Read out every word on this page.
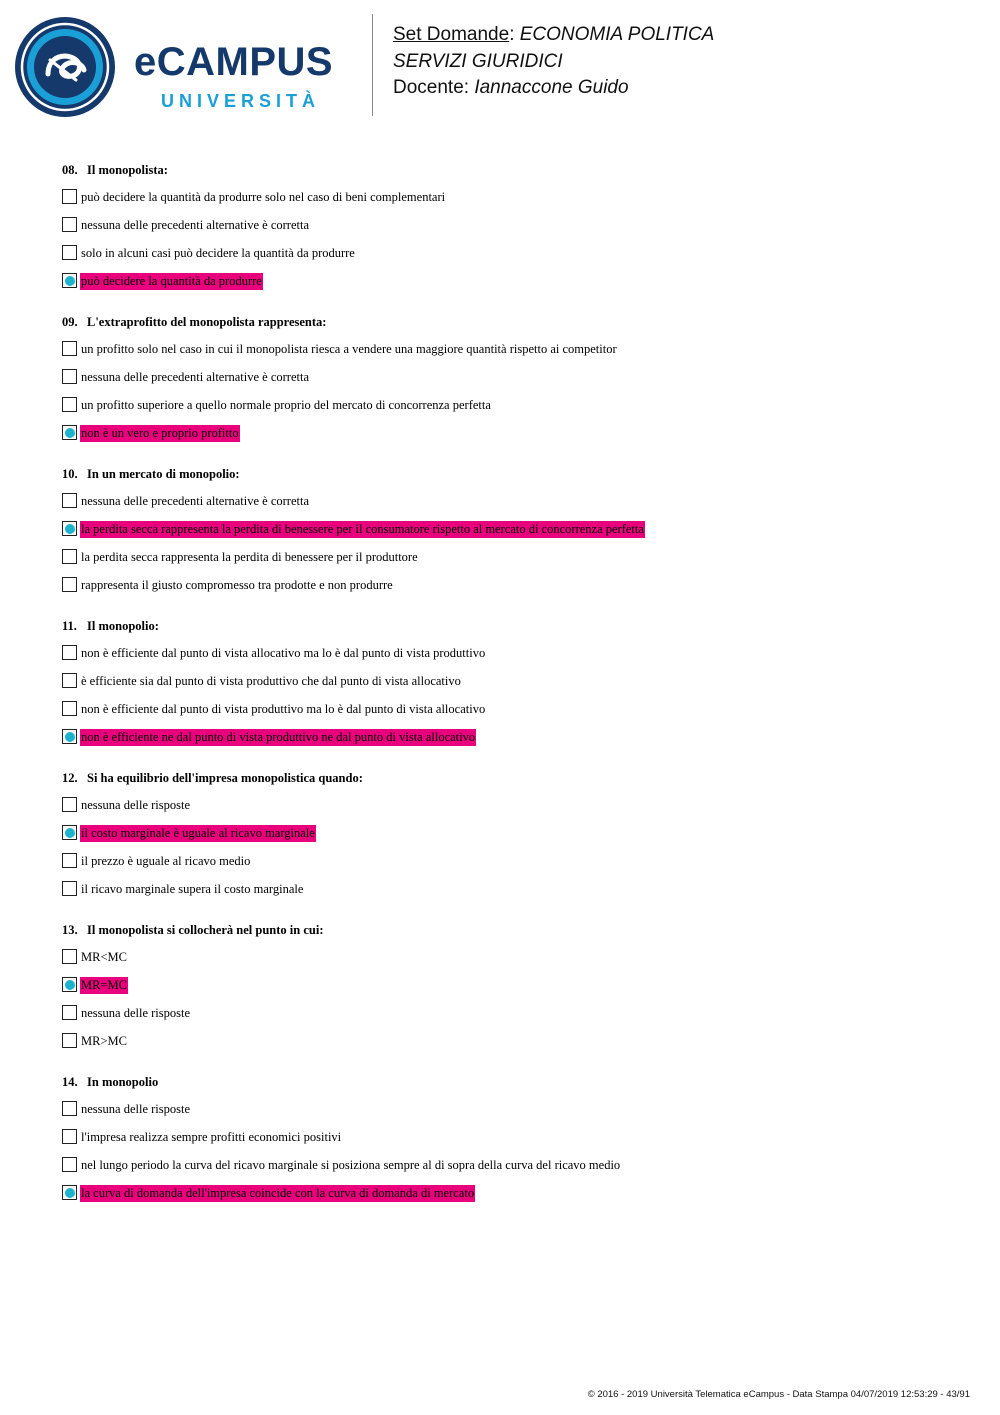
eCAMPUS
UNIVERSITÀ
Set Domande: ECONOMIA POLITICA
SERVIZI GIURIDICI
Docente: Iannaccone Guido
08. Il monopolista:
può decidere la quantità da produrre solo nel caso di beni complementari
nessuna delle precedenti alternative è corretta
solo in alcuni casi può decidere la quantità da produrre
può decidere la quantità da produrre
09. L'extraprofitto del monopolista rappresenta:
un profitto solo nel caso in cui il monopolista riesca a vendere una maggiore quantità rispetto ai competitor
nessuna delle precedenti alternative è corretta
un profitto superiore a quello normale proprio del mercato di concorrenza perfetta
non è un vero e proprio profitto
10. In un mercato di monopolio:
nessuna delle precedenti alternative è corretta
la perdita secca rappresenta la perdita di benessere per il consumatore rispetto al mercato di concorrenza perfetta
la perdita secca rappresenta la perdita di benessere per il produttore
rappresenta il giusto compromesso tra prodotte e non produrre
11. Il monopolio:
non è efficiente dal punto di vista allocativo ma lo è dal punto di vista produttivo
è efficiente sia dal punto di vista produttivo che dal punto di vista allocativo
non è efficiente dal punto di vista produttivo ma lo è dal punto di vista allocativo
non è efficiente ne dal punto di vista produttivo ne dal punto di vista allocativo
12. Si ha equilibrio dell'impresa monopolistica quando:
nessuna delle risposte
il costo marginale è uguale al ricavo marginale
il prezzo è uguale al ricavo medio
il ricavo marginale supera il costo marginale
13. Il monopolista si collocherà nel punto in cui:
MR<MC
MR=MC
nessuna delle risposte
MR>MC
14. In monopolio
nessuna delle risposte
l'impresa realizza sempre profitti economici positivi
nel lungo periodo la curva del ricavo marginale si posiziona sempre al di sopra della curva del ricavo medio
la curva di domanda dell'impresa coincide con la curva di domanda di mercato
© 2016 - 2019 Università Telematica eCampus - Data Stampa 04/07/2019 12:53:29 - 43/91
